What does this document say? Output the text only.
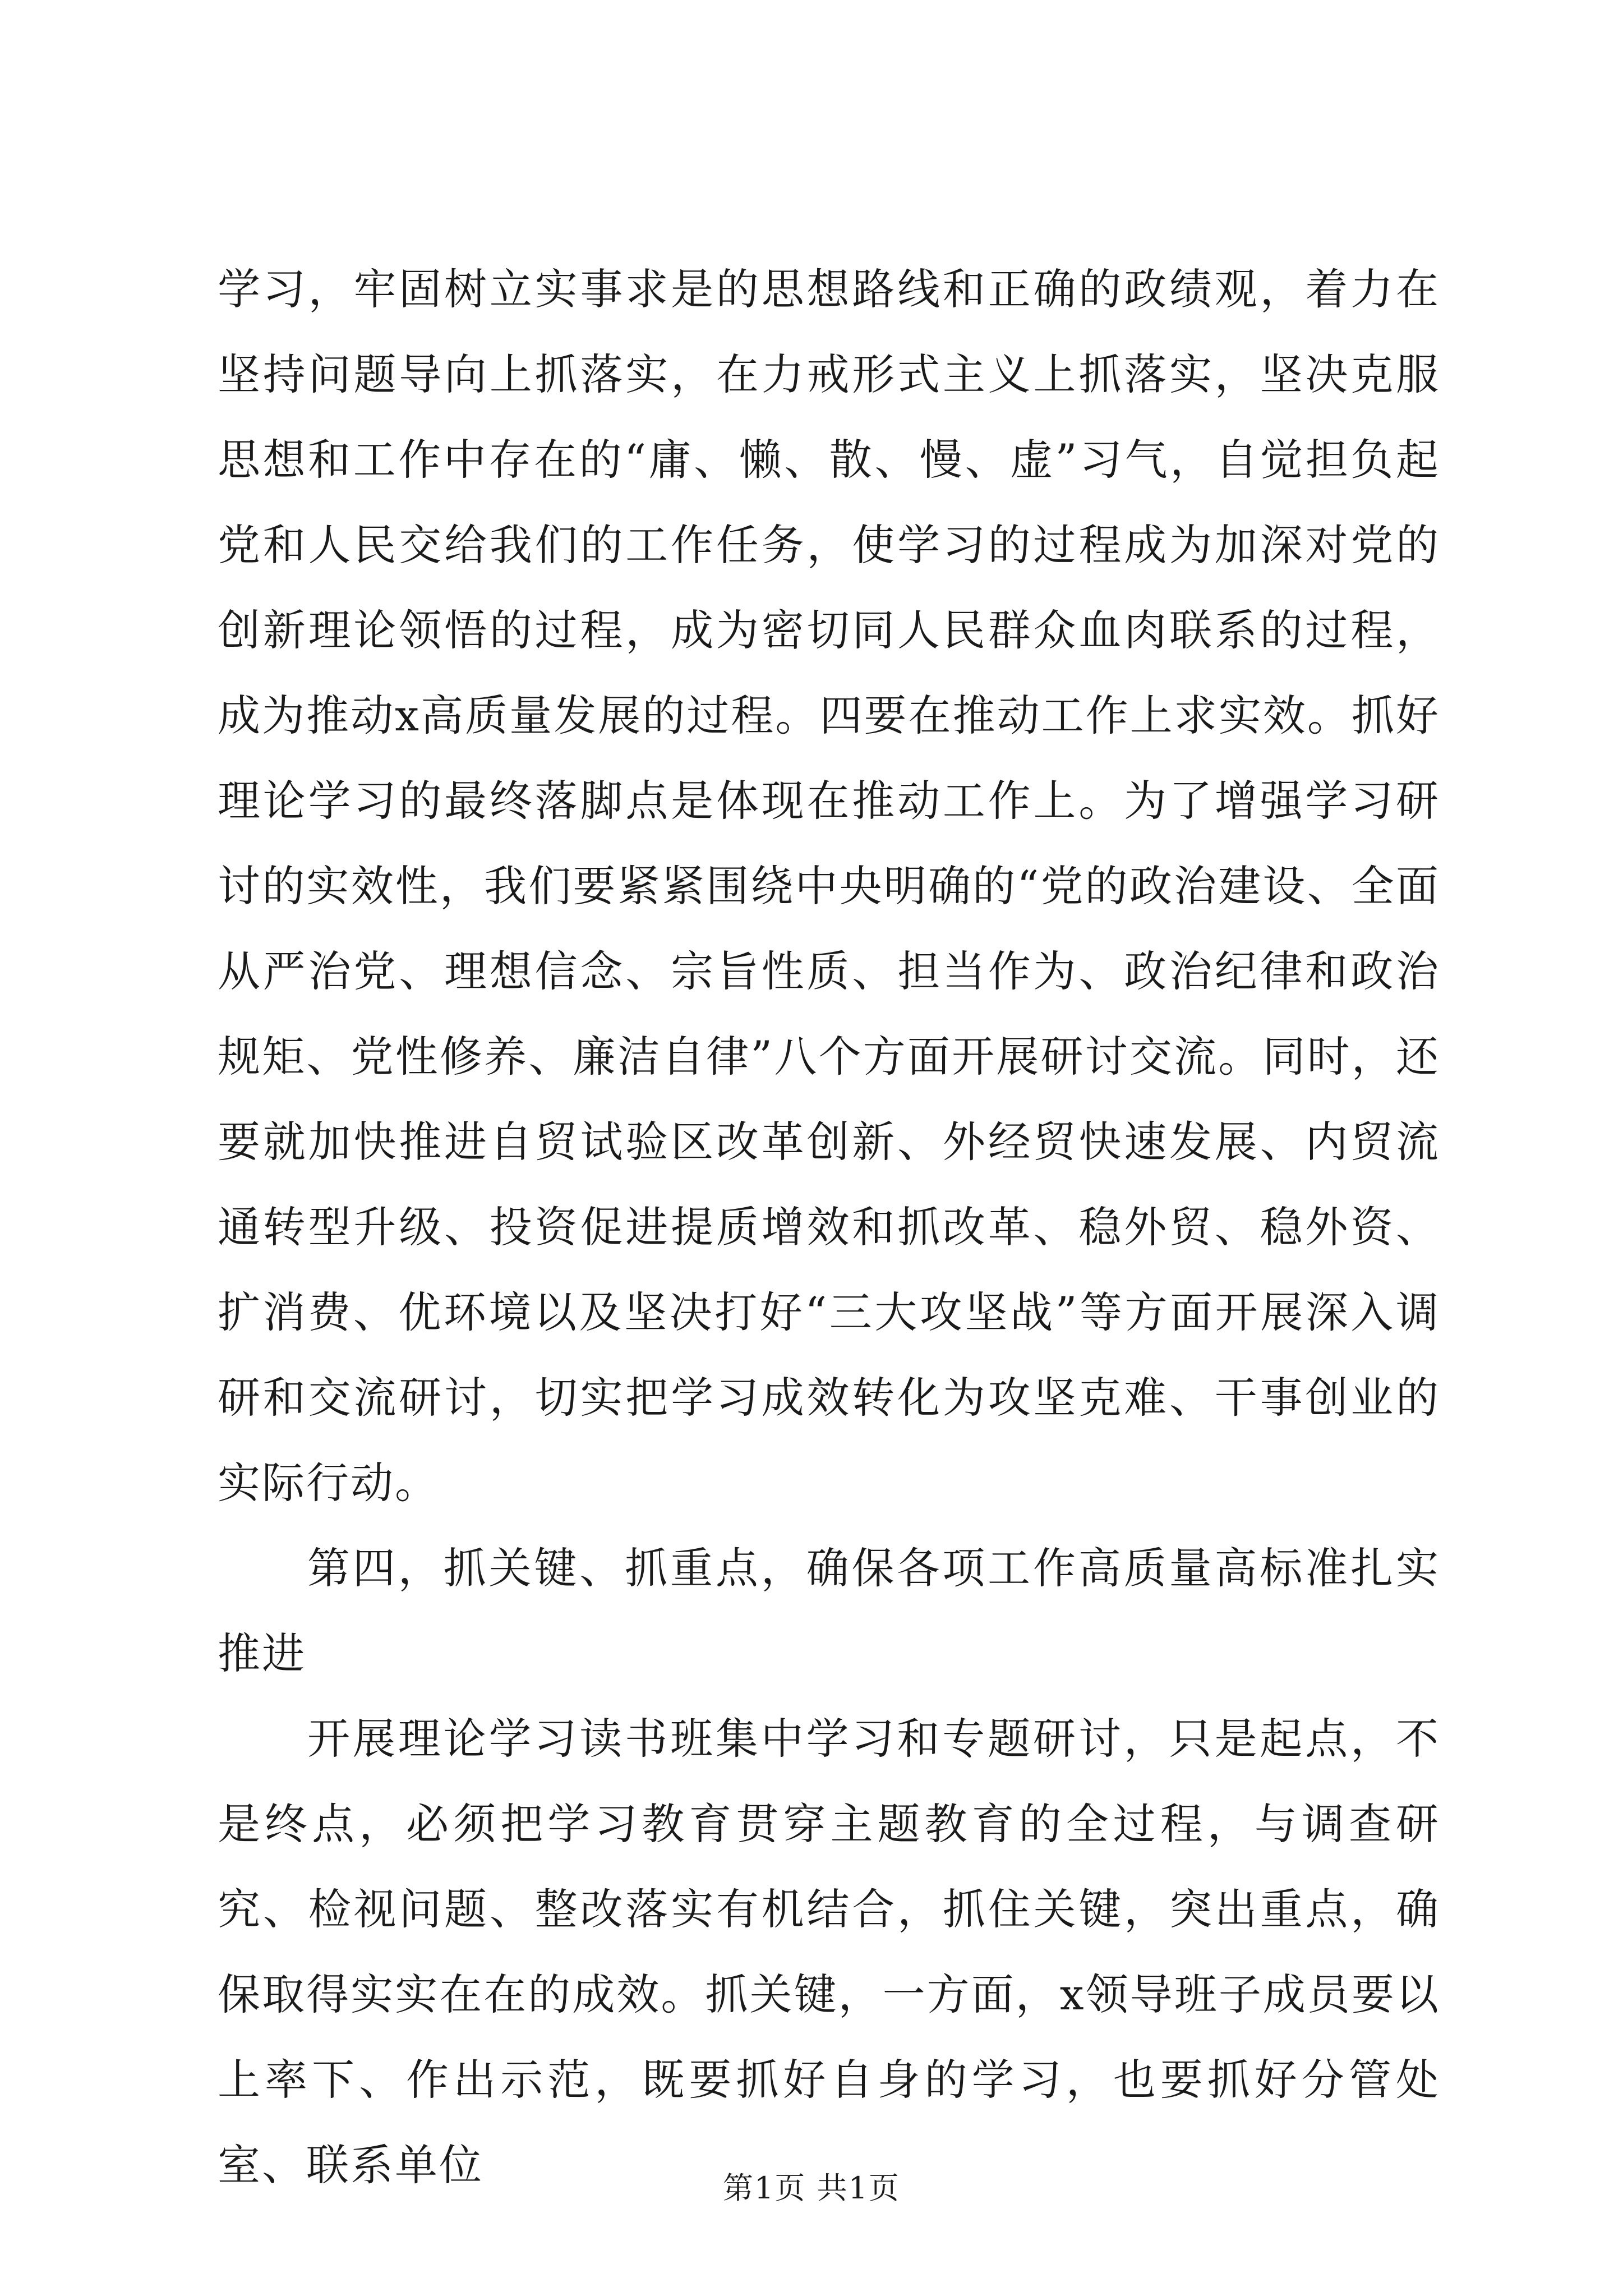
学习，牢固树立实事求是的思想路线和正确的政绩观，着力在坚持问题导向上抓落实，在力戒形式主义上抓落实，坚决克服思想和工作中存在的“庸、懒、散、慢、虚”习气，自觉担负起党和人民交给我们的工作任务，使学习的过程成为加深对党的创新理论领悟的过程，成为密切同人民群众血肉联系的过程，成为推动x高质量发展的过程。四要在推动工作上求实效。抓好理论学习的最终落脚点是体现在推动工作上。为了增强学习研讨的实效性，我们要紧紧围绕中央明确的“党的政治建设、全面从严治党、理想信念、宗旨性质、担当作为、政治纪律和政治规矩、党性修养、廉洁自律”八个方面开展研讨交流。同时，还要就加快推进自贸试验区改革创新、外经贸快速发展、内贸流通转型升级、投资促进提质增效和抓改革、稳外贸、稳外资、扩消费、优环境以及坚决打好“三大攻坚战”等方面开展深入调研和交流研讨，切实把学习成效转化为攻坚克难、干事创业的实际行动。

第四，抓关键、抓重点，确保各项工作高质量高标准扎实推进

开展理论学习读书班集中学习和专题研讨，只是起点，不是终点，必须把学习教育贯穿主题教育的全过程，与调查研究、检视问题、整改落实有机结合，抓住关键，突出重点，确保取得实实在在的成效。抓关键，一方面，x领导班子成员要以上率下、作出示范，既要抓好自身的学习，也要抓好分管处室、联系单位	第1页 共1页
